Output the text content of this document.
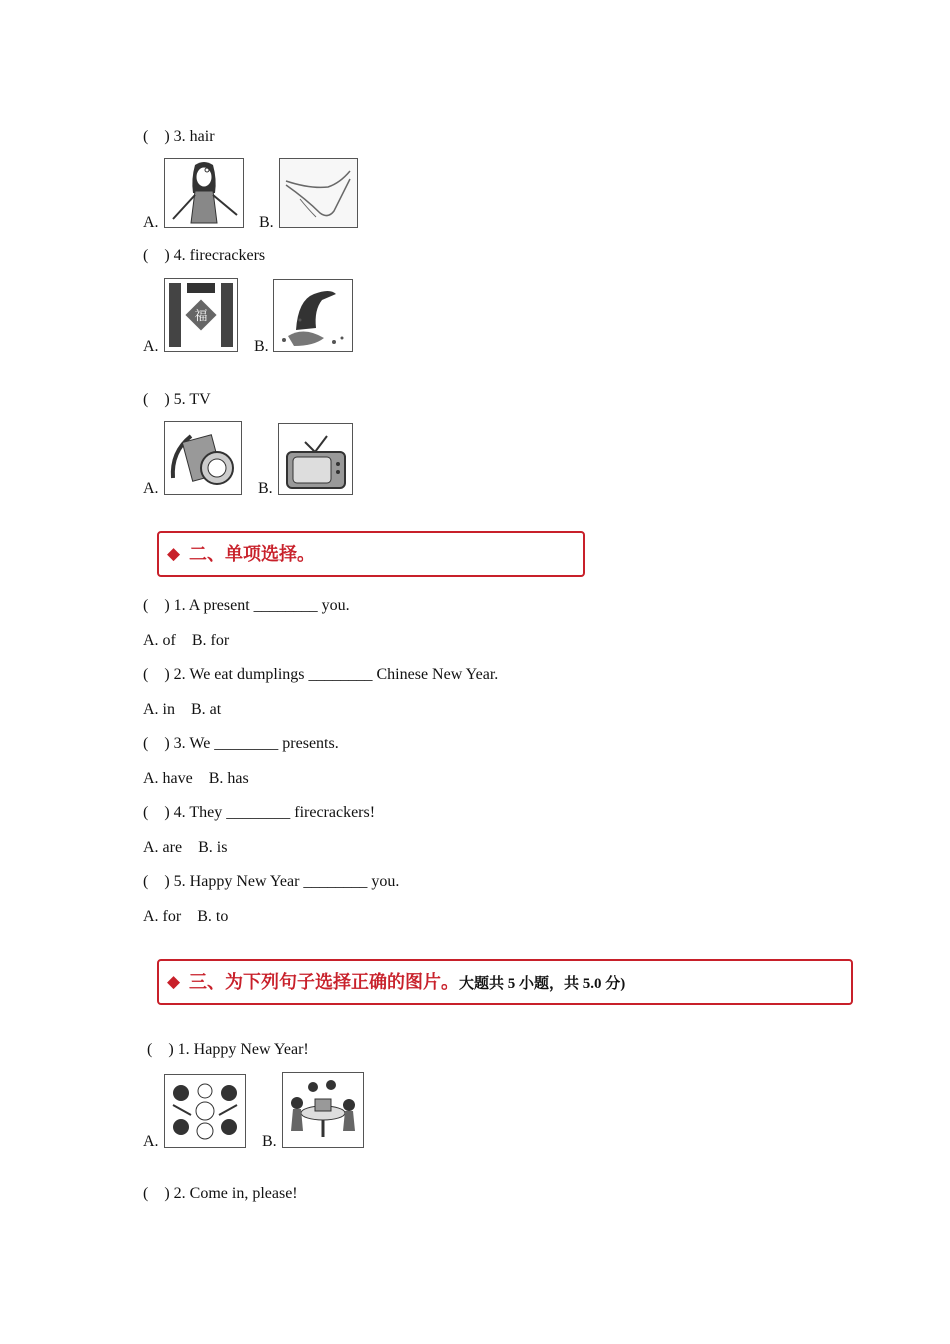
(    ) 3. hair
A.	B.
(    ) 4. firecrackers
A.
福
B.
(    ) 5. TV
A.	B.
◆ 二、单项选择。
(    ) 1. A present ________ you.
A. of    B. for
(    ) 2. We eat dumplings ________ Chinese New Year.
A. in    B. at
(    ) 3. We ________ presents.
A. have    B. has
(    ) 4. They ________ firecrackers!
A. are    B. is
(    ) 5. Happy New Year ________ you.
A. for    B. to
◆ 三、为下列句子选择正确的图片。大题共 5 小题，共 5.0 分)
(    ) 1. Happy New Year!
A.	B.
(    ) 2. Come in, please!
